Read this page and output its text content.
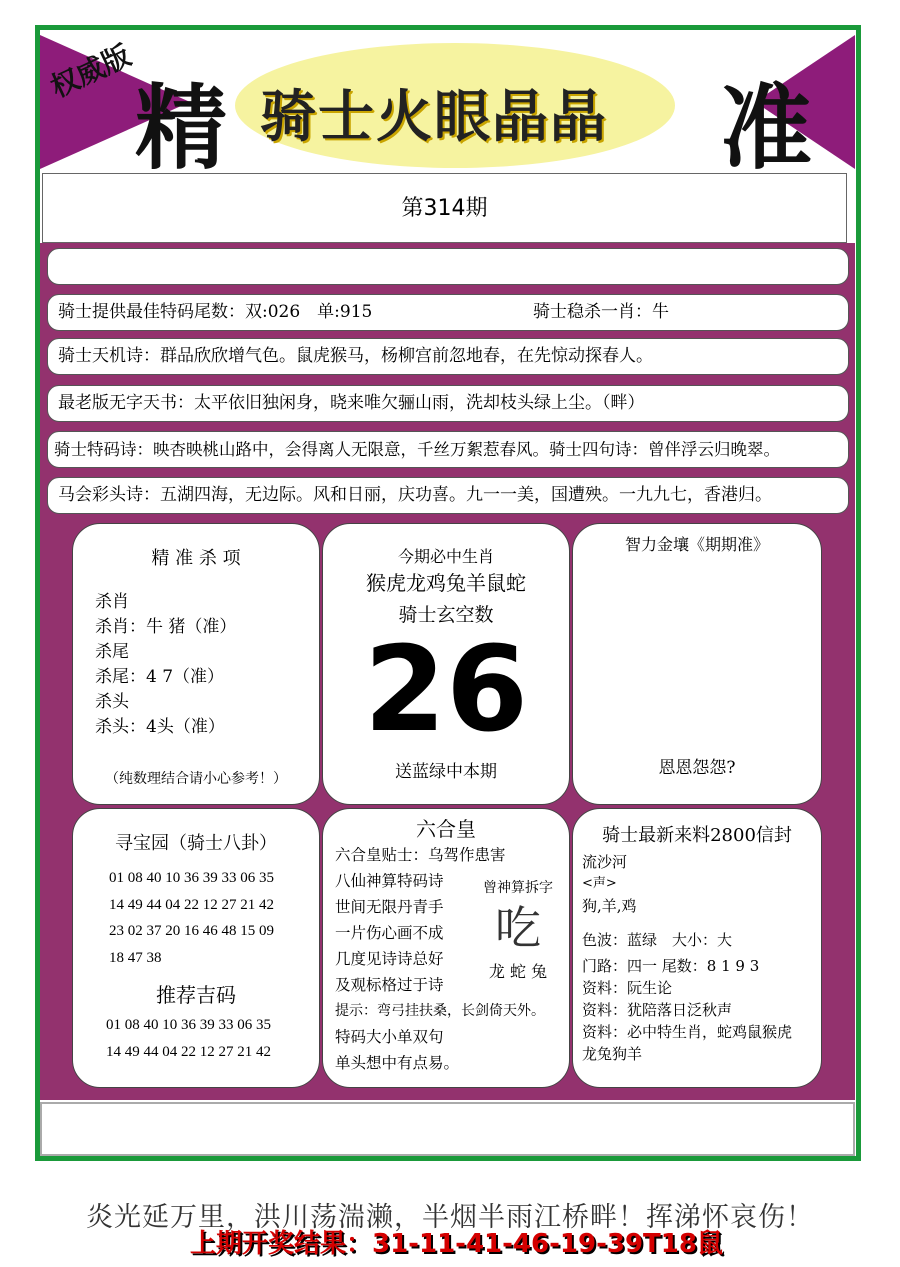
权威版
精 骑士火眼晶晶 准
第314期
骑士提供最佳特码尾数：双:026　单:915	骑士稳杀一肖：牛
骑士天机诗：群品欣欣增气色。鼠虎猴马，杨柳宫前忽地春，在先惊动探春人。
最老版无字天书：太平依旧独闲身，晓来唯欠骊山雨，洗却枝头绿上尘。（畔）
骑士特码诗：映杏映桃山路中，会得离人无限意，千丝万絮惹春风。骑士四句诗：曾伴浮云归晚翠。
马会彩头诗：五湖四海，无边际。风和日丽，庆功喜。九一一美，国遭殃。一九九七，香港归。
精 准 杀 项
杀肖
杀肖：牛 猪（准）
杀尾
杀尾：4 7（准）
杀头
杀头：4头（准）
（纯数理结合请小心参考！）
今期必中生肖
猴虎龙鸡兔羊鼠蛇
骑士玄空数
26
送蓝绿中本期
智力金壤《期期准》
恩恩怨怨?
寻宝园（骑士八卦）
01 08 40 10 36 39 33 06 35
14 49 44 04 22 12 27 21 42
23 02 37 20 16 46 48 15 09
18 47 38
推荐吉码
01 08 40 10 36 39 33 06 35
14 49 44 04 22 12 27 21 42
六合皇
六合皇贴士：乌驾作患害
八仙神算特码诗
世间无限丹青手
一片伤心画不成
几度见诗诗总好
及观标格过于诗
提示：弯弓挂扶桑，长剑倚天外。
特码大小单双句
单头想中有点易。
曾神算拆字
吃
龙 蛇 兔
骑士最新来料2800信封
流沙河
<声>
狗,羊,鸡
色波：蓝绿　大小：大
门路：四一 尾数：8 1 9 3
资料：阮生论
资料：犹陪落日泛秋声
资料：必中特生肖，蛇鸡鼠猴虎
龙兔狗羊
炎光延万里，洪川荡湍濑，半烟半雨江桥畔！挥涕怀哀伤！
上期开奖结果：31-11-41-46-19-39T18鼠
